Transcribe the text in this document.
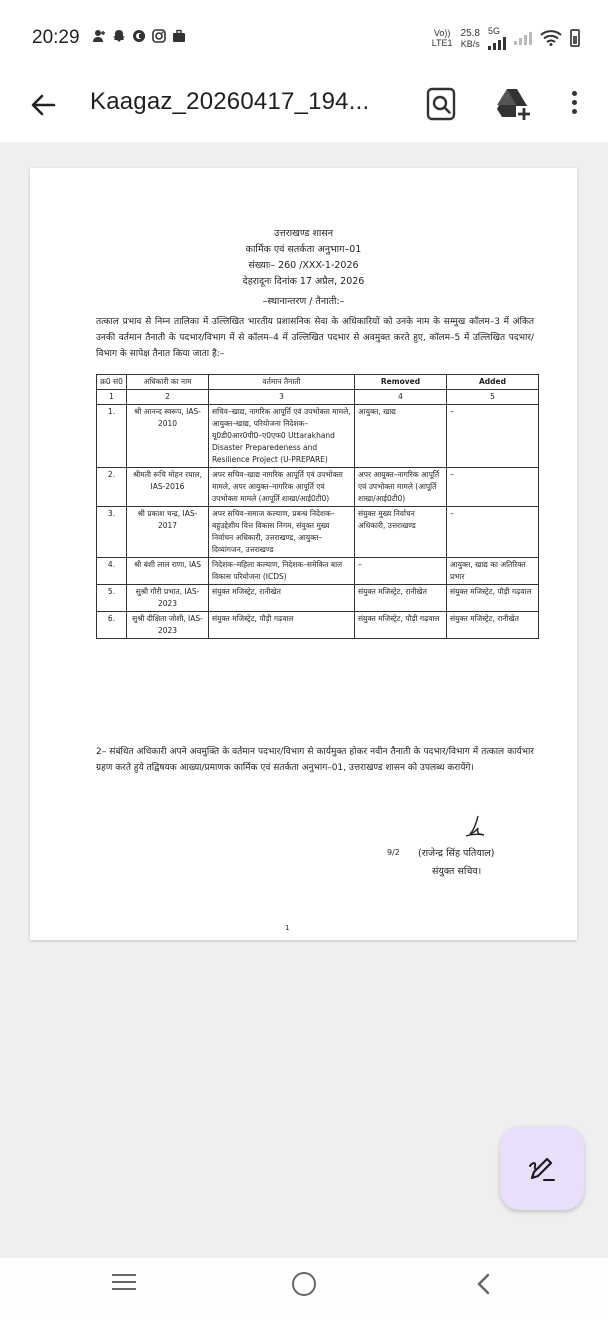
20:29	Vo))
LTE1
25.8
KB/s
5G
Kaagaz_20260417_194...
उत्तराखण्ड शासन
कार्मिक एवं सतर्कता अनुभाग–01
संख्याः– 260 /XXX-1-2026
देहरादूनः दिनांक 17 अप्रैल, 2026
–स्थानान्तरण / तैनाती:–
तत्काल प्रभाव से निम्न तालिका में उल्लिखित भारतीय प्रशासनिक सेवा के अधिकारियों को उनके नाम के सम्मुख कॉलम–3 में अंकित उनकी वर्तमान तैनाती के पदभार/विभाग में से कॉलम–4 में उल्लिखित पदभार से अवमुक्त करते हुए, कॉलम–5 में उल्लिखित पदभार/विभाग के सापेक्ष तैनात किया जाता है:–
क्र0 सं0	अधिकारी का नाम	वर्तमान तैनाती	Removed	Added
1	2	3	4	5
1.	श्री आनन्द स्वरूप, IAS-2010	सचिव–खाद्य, नागरिक आपूर्ति एवं उपभोक्ता मामले, आयुक्त–खाद्य, परियोजना निदेशक–यू0डी0आर0पी0–ए0एफ0 Uttarakhand Disaster Preparedeness and Resilience Project (U-PREPARE)	आयुक्त, खाद्य	–
2.	श्रीमती रूचि मोहन रयाल, IAS-2016	अपर सचिव–खाद्य नागरिक आपूर्ति एवं उपभोक्ता मामले, अपर आयुक्त–नागरिक आपूर्ति एवं उपभोक्ता मामले (आपूर्ति शाखा/आई0टी0)	अपर आयुक्त–नागरिक आपूर्ति एवं उपभोक्ता मामले (आपूर्ति शाखा/आई0टी0)	–
3.	श्री प्रकाश चन्द्र, IAS-2017	अपर सचिव–समाज कल्याण, प्रबन्ध निदेशक– बहुउद्देशीय वित्त विकास निगम, संयुक्त मुख्य निर्वाचन अधिकारी, उत्तराखण्ड, आयुक्त–दिव्यांगजन, उत्तराखण्ड	संयुक्त मुख्य निर्वाचन अधिकारी, उत्तराखण्ड	–
4.	श्री बंशी लाल राणा, IAS	निदेशक–महिला कल्याण, निदेशक–समेकित बाल विकास परियोजना (ICDS)	–	आयुक्त, खाद्य का अतिरिक्त प्रभार
5.	सुश्री गौरी प्रभात, IAS-2023	संयुक्त मजिस्ट्रेट, रानीखेत	संयुक्त मजिस्ट्रेट, रानीखेत	संयुक्त मजिस्ट्रेट, पौड़ी गढ़वाल
6.	सुश्री दीक्षिता जोशी, IAS-2023	संयुक्त मजिस्ट्रेट, पौड़ी गढ़वाल	संयुक्त मजिस्ट्रेट, पौड़ी गढ़वाल	संयुक्त मजिस्ट्रेट, रानीखेत
2– संबंधित अधिकारी अपने अवमुक्ति के वर्तमान पदभार/विभाग से कार्यमुक्त होकर नवीन तैनाती के पदभार/विभाग में तत्काल कार्यभार ग्रहण करते हुये तद्विषयक आख्या/प्रमाणक कार्मिक एवं सतर्कता अनुभाग–01, उत्तराखण्ड शासन को उपलब्ध करायेंगे।
9/2 (राजेन्द्र सिंह पतियाल)
संयुक्त सचिव।
1
